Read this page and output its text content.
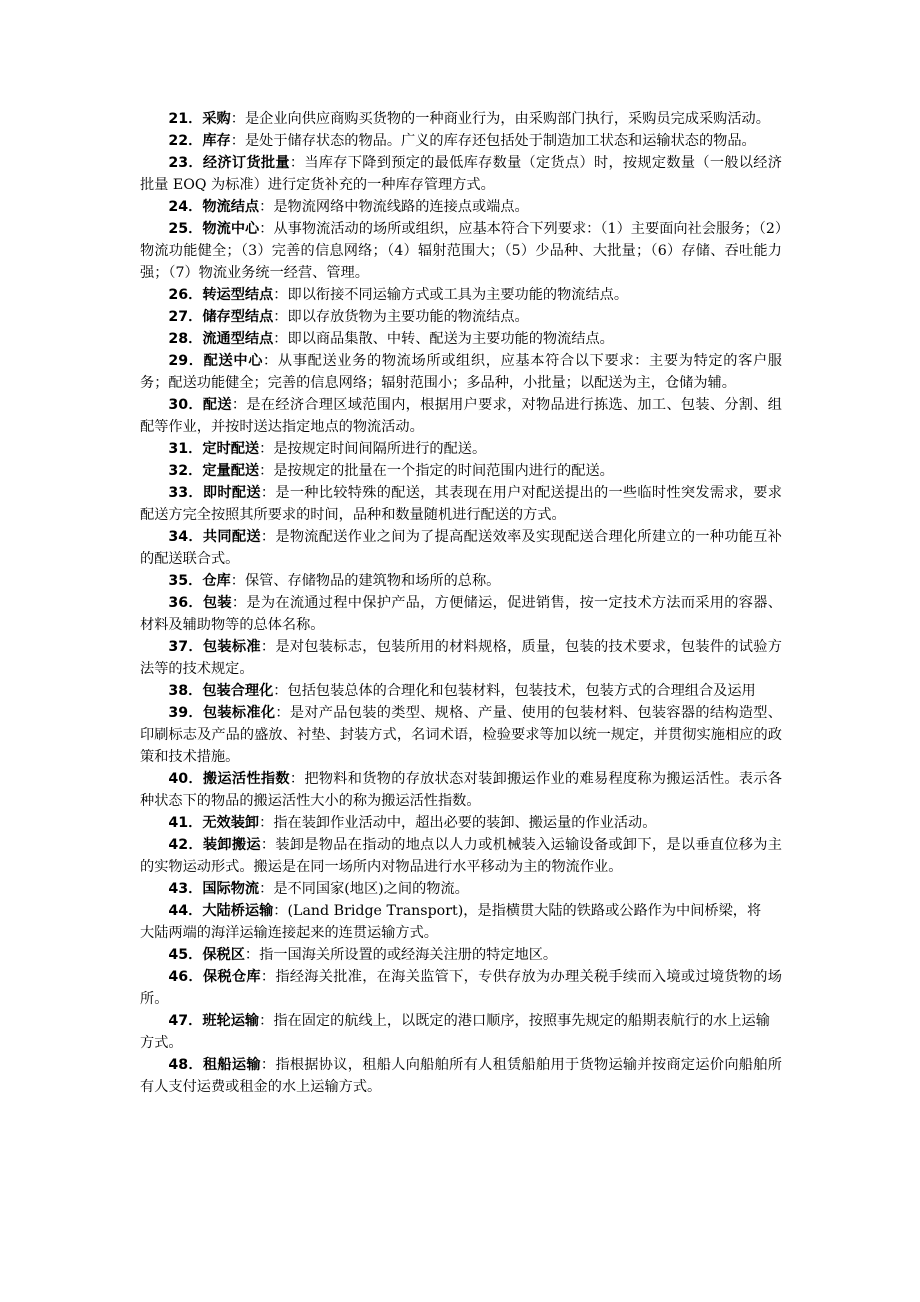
21．采购：是企业向供应商购买货物的一种商业行为，由采购部门执行，采购员完成采购活动。

22．库存：是处于储存状态的物品。广义的库存还包括处于制造加工状态和运输状态的物品。

23．经济订货批量：当库存下降到预定的最低库存数量（定货点）时，按规定数量（一般以经济批量 EOQ 为标准）进行定货补充的一种库存管理方式。

24．物流结点：是物流网络中物流线路的连接点或端点。

25．物流中心：从事物流活动的场所或组织，应基本符合下列要求：（1）主要面向社会服务；（2）物流功能健全；（3）完善的信息网络；（4）辐射范围大；（5）少品种、大批量；（6）存储、吞吐能力强；（7）物流业务统一经营、管理。

26．转运型结点：即以衔接不同运输方式或工具为主要功能的物流结点。

27．储存型结点：即以存放货物为主要功能的物流结点。

28．流通型结点：即以商品集散、中转、配送为主要功能的物流结点。

29．配送中心：从事配送业务的物流场所或组织，应基本符合以下要求：主要为特定的客户服务；配送功能健全；完善的信息网络；辐射范围小；多品种，小批量；以配送为主，仓储为辅。

30．配送：是在经济合理区域范围内，根据用户要求，对物品进行拣选、加工、包装、分割、组配等作业，并按时送达指定地点的物流活动。

31．定时配送：是按规定时间间隔所进行的配送。

32．定量配送：是按规定的批量在一个指定的时间范围内进行的配送。

33．即时配送：是一种比较特殊的配送，其表现在用户对配送提出的一些临时性突发需求，要求配送方完全按照其所要求的时间，品种和数量随机进行配送的方式。

34．共同配送：是物流配送作业之间为了提高配送效率及实现配送合理化所建立的一种功能互补的配送联合式。

35．仓库：保管、存储物品的建筑物和场所的总称。

36．包装：是为在流通过程中保护产品，方便储运，促进销售，按一定技术方法而采用的容器、材料及辅助物等的总体名称。

37．包装标准：是对包装标志，包装所用的材料规格，质量，包装的技术要求，包装件的试验方法等的技术规定。

38．包装合理化：包括包装总体的合理化和包装材料，包装技术，包装方式的合理组合及运用

39．包装标准化：是对产品包装的类型、规格、产量、使用的包装材料、包装容器的结构造型、印刷标志及产品的盛放、衬垫、封装方式，名词术语，检验要求等加以统一规定，并贯彻实施相应的政策和技术措施。

40．搬运活性指数：把物料和货物的存放状态对装卸搬运作业的难易程度称为搬运活性。表示各种状态下的物品的搬运活性大小的称为搬运活性指数。

41．无效装卸：指在装卸作业活动中，超出必要的装卸、搬运量的作业活动。

42．装卸搬运：装卸是物品在指动的地点以人力或机械装入运输设备或卸下，是以垂直位移为主的实物运动形式。搬运是在同一场所内对物品进行水平移动为主的物流作业。

43．国际物流：是不同国家(地区)之间的物流。

44．大陆桥运输：(Land Bridge Transport)，是指横贯大陆的铁路或公路作为中间桥梁，将
大陆两端的海洋运输连接起来的连贯运输方式。

45．保税区：指一国海关所设置的或经海关注册的特定地区。

46．保税仓库：指经海关批准，在海关监管下，专供存放为办理关税手续而入境或过境货物的场所。

47．班轮运输：指在固定的航线上，以既定的港口顺序，按照事先规定的船期表航行的水上运输
方式。

48．租船运输：指根据协议，租船人向船舶所有人租赁船舶用于货物运输并按商定运价向船舶所有人支付运费或租金的水上运输方式。
